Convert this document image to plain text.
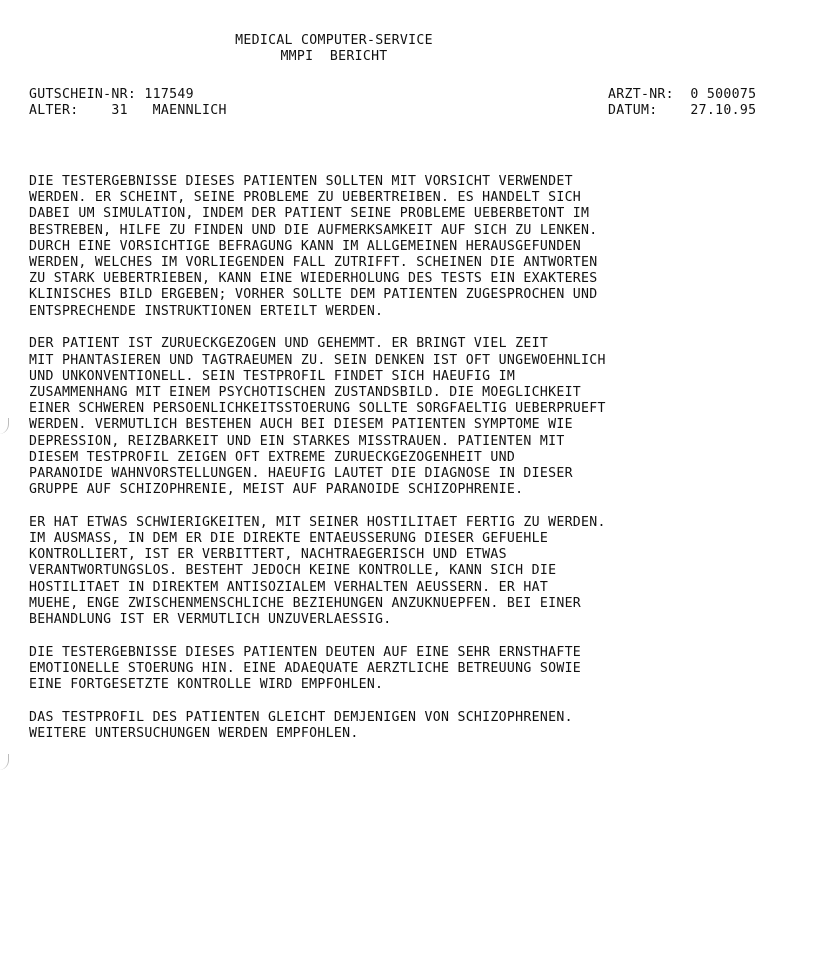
MEDICAL COMPUTER-SERVICE
MMPI  BERICHT
GUTSCHEIN-NR: 117549
ALTER: 31 MAENNLICH
ARZT-NR: 0 500075
DATUM: 27.10.95
DIE TESTERGEBNISSE DIESES PATIENTEN SOLLTEN MIT VORSICHT VERWENDET
WERDEN. ER SCHEINT, SEINE PROBLEME ZU UEBERTREIBEN. ES HANDELT SICH
DABEI UM SIMULATION, INDEM DER PATIENT SEINE PROBLEME UEBERBETONT IM
BESTREBEN, HILFE ZU FINDEN UND DIE AUFMERKSAMKEIT AUF SICH ZU LENKEN.
DURCH EINE VORSICHTIGE BEFRAGUNG KANN IM ALLGEMEINEN HERAUSGEFUNDEN
WERDEN, WELCHES IM VORLIEGENDEN FALL ZUTRIFFT. SCHEINEN DIE ANTWORTEN
ZU STARK UEBERTRIEBEN, KANN EINE WIEDERHOLUNG DES TESTS EIN EXAKTERES
KLINISCHES BILD ERGEBEN; VORHER SOLLTE DEM PATIENTEN ZUGESPROCHEN UND
ENTSPRECHENDE INSTRUKTIONEN ERTEILT WERDEN.
DER PATIENT IST ZURUECKGEZOGEN UND GEHEMMT. ER BRINGT VIEL ZEIT
MIT PHANTASIEREN UND TAGTRAEUMEN ZU. SEIN DENKEN IST OFT UNGEWOEHNLICH
UND UNKONVENTIONELL. SEIN TESTPROFIL FINDET SICH HAEUFIG IM
ZUSAMMENHANG MIT EINEM PSYCHOTISCHEN ZUSTANDSBILD. DIE MOEGLICHKEIT
EINER SCHWEREN PERSOENLICHKEITSSTOERUNG SOLLTE SORGFAELTIG UEBERPRUEFT
WERDEN. VERMUTLICH BESTEHEN AUCH BEI DIESEM PATIENTEN SYMPTOME WIE
DEPRESSION, REIZBARKEIT UND EIN STARKES MISSTRAUEN. PATIENTEN MIT
DIESEM TESTPROFIL ZEIGEN OFT EXTREME ZURUECKGEZOGENHEIT UND
PARANOIDE WAHNVORSTELLUNGEN. HAEUFIG LAUTET DIE DIAGNOSE IN DIESER
GRUPPE AUF SCHIZOPHRENIE, MEIST AUF PARANOIDE SCHIZOPHRENIE.
ER HAT ETWAS SCHWIERIGKEITEN, MIT SEINER HOSTILITAET FERTIG ZU WERDEN.
IM AUSMASS, IN DEM ER DIE DIREKTE ENTAEUSSERUNG DIESER GEFUEHLE
KONTROLLIERT, IST ER VERBITTERT, NACHTRAEGERISCH UND ETWAS
VERANTWORTUNGSLOS. BESTEHT JEDOCH KEINE KONTROLLE, KANN SICH DIE
HOSTILITAET IN DIREKTEM ANTISOZIALEM VERHALTEN AEUSSERN. ER HAT
MUEHE, ENGE ZWISCHENMENSCHLICHE BEZIEHUNGEN ANZUKNUEPFEN. BEI EINER
BEHANDLUNG IST ER VERMUTLICH UNZUVERLAESSIG.
DIE TESTERGEBNISSE DIESES PATIENTEN DEUTEN AUF EINE SEHR ERNSTHAFTE
EMOTIONELLE STOERUNG HIN. EINE ADAEQUATE AERZTLICHE BETREUUNG SOWIE
EINE FORTGESETZTE KONTROLLE WIRD EMPFOHLEN.
DAS TESTPROFIL DES PATIENTEN GLEICHT DEMJENIGEN VON SCHIZOPHRENEN.
WEITERE UNTERSUCHUNGEN WERDEN EMPFOHLEN.
